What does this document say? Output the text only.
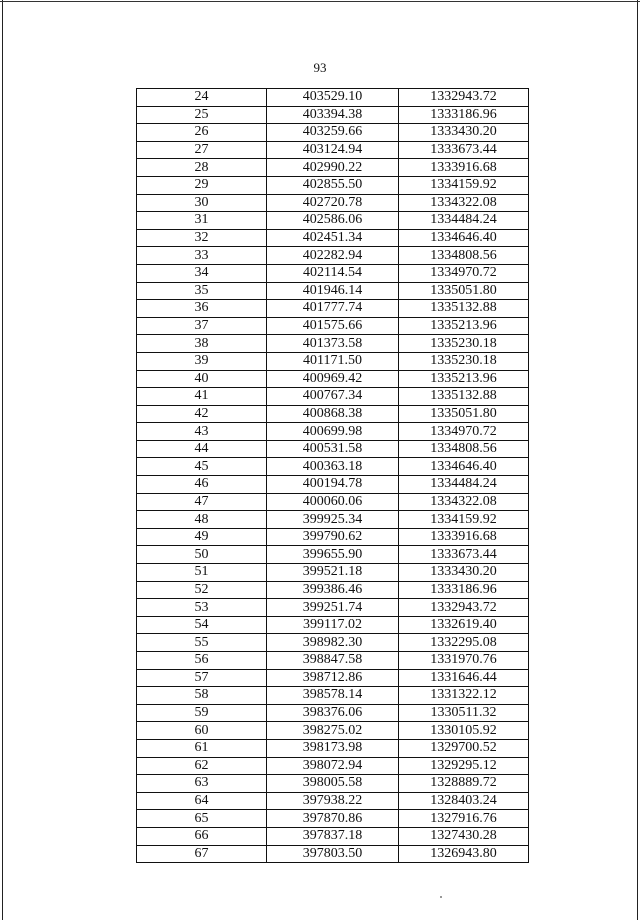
93
24	403529.10	1332943.72
25	403394.38	1333186.96
26	403259.66	1333430.20
27	403124.94	1333673.44
28	402990.22	1333916.68
29	402855.50	1334159.92
30	402720.78	1334322.08
31	402586.06	1334484.24
32	402451.34	1334646.40
33	402282.94	1334808.56
34	402114.54	1334970.72
35	401946.14	1335051.80
36	401777.74	1335132.88
37	401575.66	1335213.96
38	401373.58	1335230.18
39	401171.50	1335230.18
40	400969.42	1335213.96
41	400767.34	1335132.88
42	400868.38	1335051.80
43	400699.98	1334970.72
44	400531.58	1334808.56
45	400363.18	1334646.40
46	400194.78	1334484.24
47	400060.06	1334322.08
48	399925.34	1334159.92
49	399790.62	1333916.68
50	399655.90	1333673.44
51	399521.18	1333430.20
52	399386.46	1333186.96
53	399251.74	1332943.72
54	399117.02	1332619.40
55	398982.30	1332295.08
56	398847.58	1331970.76
57	398712.86	1331646.44
58	398578.14	1331322.12
59	398376.06	1330511.32
60	398275.02	1330105.92
61	398173.98	1329700.52
62	398072.94	1329295.12
63	398005.58	1328889.72
64	397938.22	1328403.24
65	397870.86	1327916.76
66	397837.18	1327430.28
67	397803.50	1326943.80
